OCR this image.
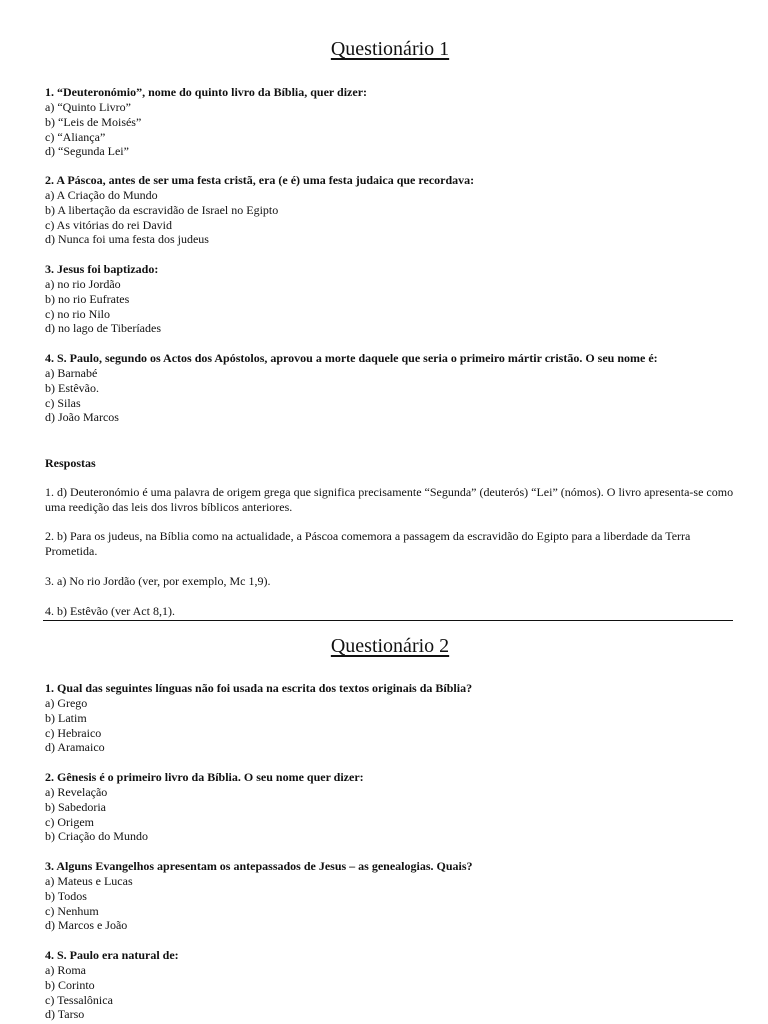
Questionário 1
1. “Deuteronómio”, nome do quinto livro da Bíblia, quer dizer:
a) “Quinto Livro”
b) “Leis de Moisés”
c) “Aliança”
d) “Segunda Lei”
2. A Páscoa, antes de ser uma festa cristã, era (e é) uma festa judaica que recordava:
a) A Criação do Mundo
b) A libertação da escravidão de Israel no Egipto
c) As vitórias do rei David
d) Nunca foi uma festa dos judeus
3. Jesus foi baptizado:
a) no rio Jordão
b) no rio Eufrates
c) no rio Nilo
d) no lago de Tiberíades
4. S. Paulo, segundo os Actos dos Apóstolos, aprovou a morte daquele que seria o primeiro mártir cristão. O seu nome é:
a) Barnabé
b) Estêvão.
c) Silas
d) João Marcos
Respostas
1. d) Deuteronómio é uma palavra de origem grega que significa precisamente “Segunda” (deuterós) “Lei” (nómos). O livro apresenta-se como uma reedição das leis dos livros bíblicos anteriores.
2. b) Para os judeus, na Bíblia como na actualidade, a Páscoa comemora a passagem da escravidão do Egipto para a liberdade da Terra Prometida.
3. a) No rio Jordão (ver, por exemplo, Mc 1,9).
4. b) Estêvão (ver Act 8,1).
Questionário 2
1. Qual das seguintes línguas não foi usada na escrita dos textos originais da Bíblia?
a) Grego
b) Latim
c) Hebraico
d) Aramaico
2. Gênesis é o primeiro livro da Bíblia. O seu nome quer dizer:
a) Revelação
b) Sabedoria
c) Origem
b) Criação do Mundo
3. Alguns Evangelhos apresentam os antepassados de Jesus – as genealogias. Quais?
a) Mateus e Lucas
b) Todos
c) Nenhum
d) Marcos e João
4. S. Paulo era natural de:
a) Roma
b) Corinto
c) Tessalônica
d) Tarso
